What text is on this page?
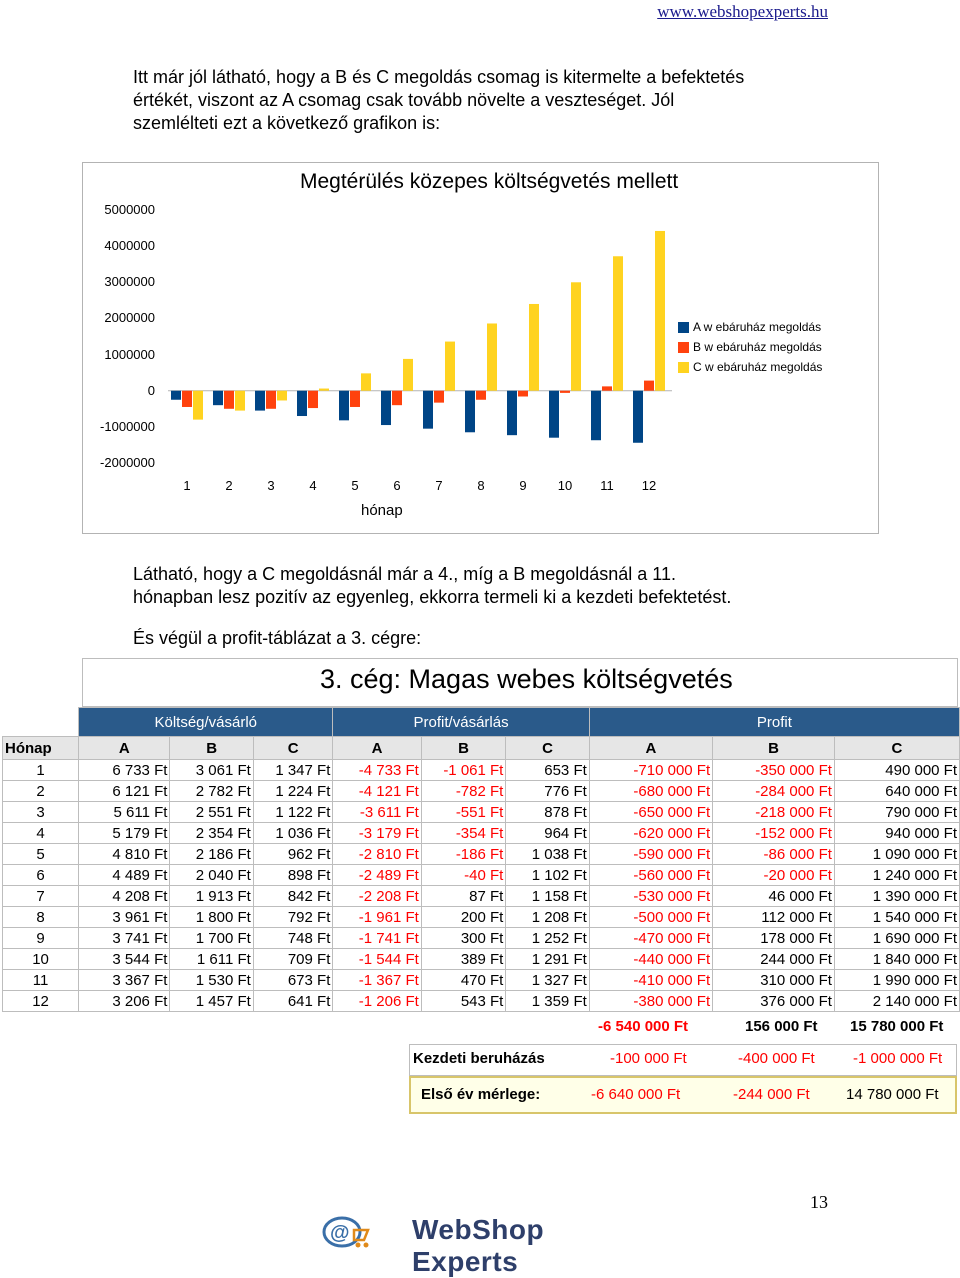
www.webshopexperts.hu
Itt már jól látható, hogy a B és C megoldás csomag is kitermelte a befektetés
értékét, viszont az A csomag csak tovább növelte a veszteséget. Jól
szemlélteti ezt a következő grafikon is:
Megtérülés közepes költségvetés mellett
5000000
4000000
3000000
2000000
1000000
0
-1000000
-2000000
1	2	3	4	5	6	7	8	9	10 11 12
hónap
A w ebáruház megoldás
B w ebáruház megoldás
C w ebáruház megoldás
Látható, hogy a C megoldásnál már a 4., míg a B megoldásnál a 11.
hónapban lesz pozitív az egyenleg, ekkorra termeli ki a kezdeti befektetést.
És végül a profit-táblázat a 3. cégre:
3. cég: Magas webes költségvetés
	Költség/vásárló			Profit/vásárlás			Profit		
Hónap	A	B	C	A	B	C	A	B	C
1	6 733 Ft	3 061 Ft	1 347 Ft	-4 733 Ft	-1 061 Ft	653 Ft	-710 000 Ft	-350 000 Ft	490 000 Ft
2	6 121 Ft	2 782 Ft	1 224 Ft	-4 121 Ft	-782 Ft	776 Ft	-680 000 Ft	-284 000 Ft	640 000 Ft
3	5 611 Ft	2 551 Ft	1 122 Ft	-3 611 Ft	-551 Ft	878 Ft	-650 000 Ft	-218 000 Ft	790 000 Ft
4	5 179 Ft	2 354 Ft	1 036 Ft	-3 179 Ft	-354 Ft	964 Ft	-620 000 Ft	-152 000 Ft	940 000 Ft
5	4 810 Ft	2 186 Ft	962 Ft	-2 810 Ft	-186 Ft	1 038 Ft	-590 000 Ft	-86 000 Ft	1 090 000 Ft
6	4 489 Ft	2 040 Ft	898 Ft	-2 489 Ft	-40 Ft	1 102 Ft	-560 000 Ft	-20 000 Ft	1 240 000 Ft
7	4 208 Ft	1 913 Ft	842 Ft	-2 208 Ft	87 Ft	1 158 Ft	-530 000 Ft	46 000 Ft	1 390 000 Ft
8	3 961 Ft	1 800 Ft	792 Ft	-1 961 Ft	200 Ft	1 208 Ft	-500 000 Ft	112 000 Ft	1 540 000 Ft
9	3 741 Ft	1 700 Ft	748 Ft	-1 741 Ft	300 Ft	1 252 Ft	-470 000 Ft	178 000 Ft	1 690 000 Ft
10	3 544 Ft	1 611 Ft	709 Ft	-1 544 Ft	389 Ft	1 291 Ft	-440 000 Ft	244 000 Ft	1 840 000 Ft
11	3 367 Ft	1 530 Ft	673 Ft	-1 367 Ft	470 Ft	1 327 Ft	-410 000 Ft	310 000 Ft	1 990 000 Ft
12	3 206 Ft	1 457 Ft	641 Ft	-1 206 Ft	543 Ft	1 359 Ft	-380 000 Ft	376 000 Ft	2 140 000 Ft
-6 540 000 Ft	156 000 Ft 15 780 000 Ft
Kezdeti beruházás	-100 000 Ft	-400 000 Ft	-1 000 000 Ft
Első év mérlege:	-6 640 000 Ft	-244 000 Ft 14 780 000 Ft
13
@ WebShop Experts
